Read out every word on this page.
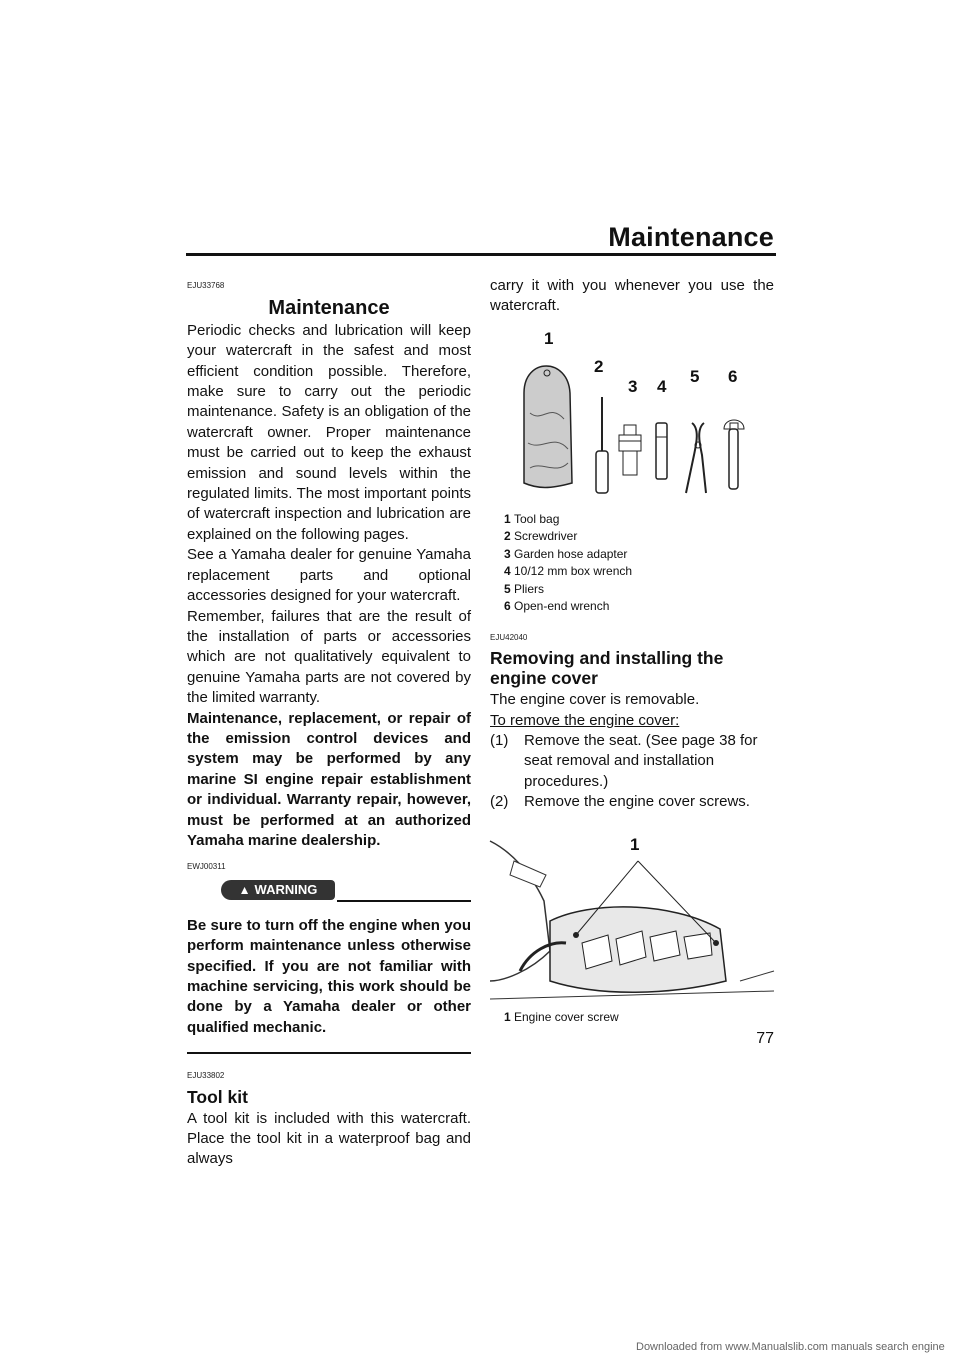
Maintenance
EJU33768
Maintenance

Periodic checks and lubrication will keep your watercraft in the safest and most efficient condition possible. Therefore, make sure to carry out the periodic maintenance. Safety is an obligation of the watercraft owner. Proper maintenance must be carried out to keep the exhaust emission and sound levels within the regulated limits. The most important points of watercraft inspection and lubrication are explained on the following pages.

See a Yamaha dealer for genuine Yamaha replacement parts and optional accessories designed for your watercraft.

Remember, failures that are the result of the installation of parts or accessories which are not qualitatively equivalent to genuine Yamaha parts are not covered by the limited warranty.

Maintenance, replacement, or repair of the emission control devices and system may be performed by any marine SI engine repair establishment or individual. Warranty repair, however, must be performed at an authorized Yamaha marine dealership.

EWJ00311
▲ WARNING

Be sure to turn off the engine when you perform maintenance unless otherwise specified. If you are not familiar with machine servicing, this work should be done by a Yamaha dealer or other qualified mechanic.

EJU33802
Tool kit

A tool kit is included with this watercraft. Place the tool kit in a waterproof bag and always

carry it with you whenever you use the watercraft.

1
2
3 4
5 6
1 Tool bag
2 Screwdriver
3 Garden hose adapter
4 10/12 mm box wrench
5 Pliers
6 Open-end wrench
EJU42040
Removing and installing the engine cover

The engine cover is removable.

To remove the engine cover:

(1)	Remove the seat. (See page 38 for seat removal and installation procedures.)
(2)	Remove the engine cover screws.
1
1 Engine cover screw
77
Downloaded from www.Manualslib.com manuals search engine
